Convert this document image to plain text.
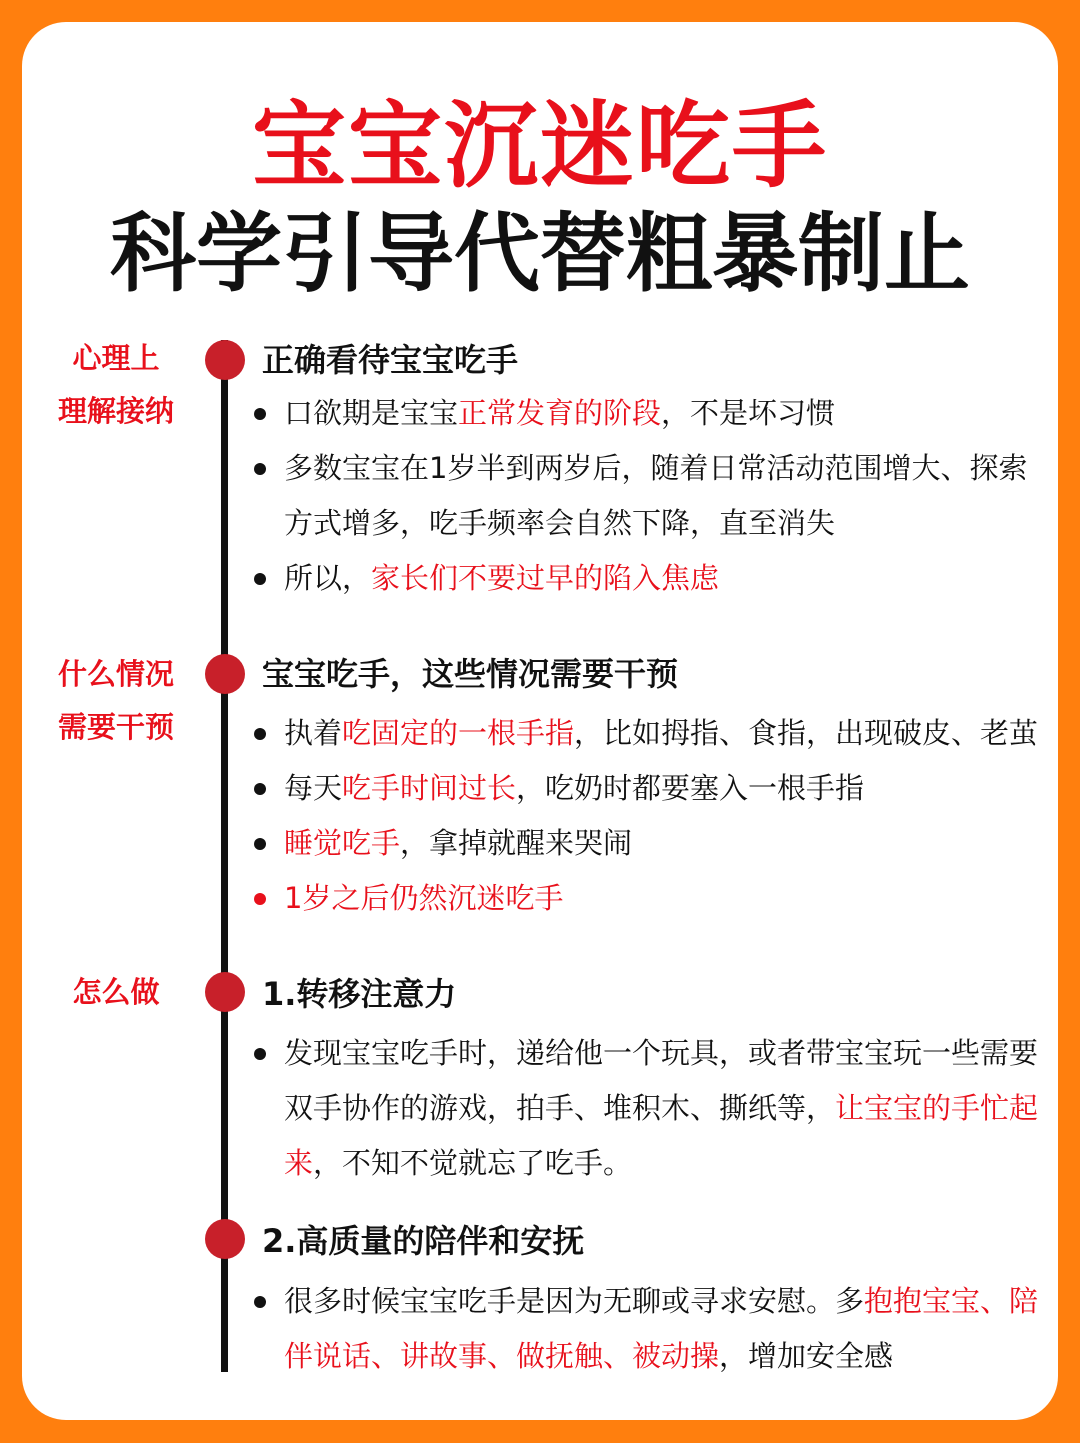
宝宝沉迷吃手
科学引导代替粗暴制止
心理上
理解接纳
正确看待宝宝吃手
口欲期是宝宝正常发育的阶段，不是坏习惯
多数宝宝在1岁半到两岁后，随着日常活动范围增大、探索方式增多，吃手频率会自然下降，直至消失
所以，家长们不要过早的陷入焦虑
什么情况
需要干预
宝宝吃手，这些情况需要干预
执着吃固定的一根手指，比如拇指、食指，出现破皮、老茧
每天吃手时间过长，吃奶时都要塞入一根手指
睡觉吃手，拿掉就醒来哭闹
1岁之后仍然沉迷吃手
怎么做	1.转移注意力
发现宝宝吃手时，递给他一个玩具，或者带宝宝玩一些需要双手协作的游戏，拍手、堆积木、撕纸等，让宝宝的手忙起来，不知不觉就忘了吃手。
2.高质量的陪伴和安抚
很多时候宝宝吃手是因为无聊或寻求安慰。多抱抱宝宝、陪伴说话、讲故事、做抚触、被动操，增加安全感
